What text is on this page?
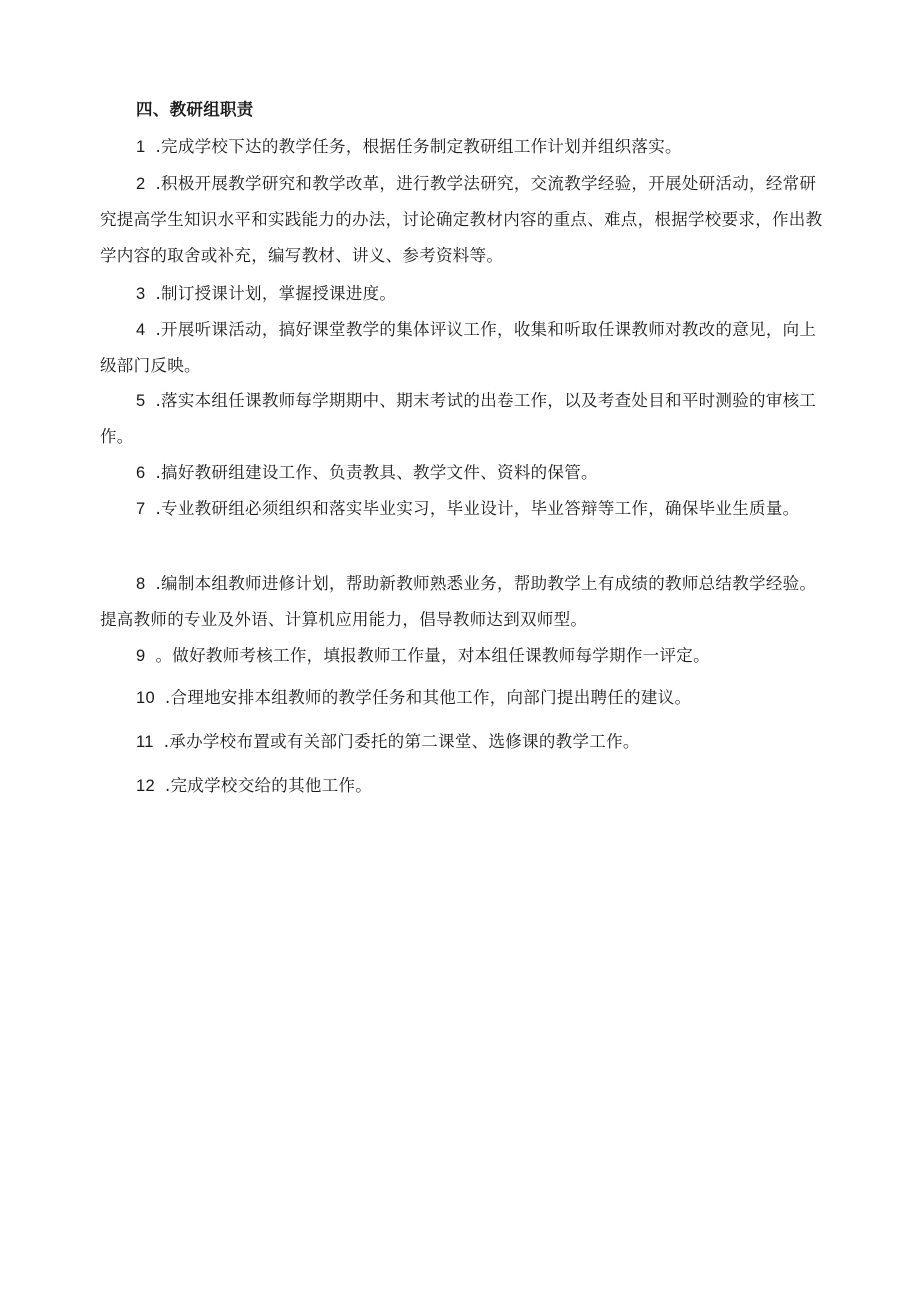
四、教研组职责
1 .完成学校下达的教学任务，根据任务制定教研组工作计划并组织落实。
2 .积极开展教学研究和教学改革，进行教学法研究，交流教学经验，开展处研活动，经常研究提高学生知识水平和实践能力的办法，讨论确定教材内容的重点、难点，根据学校要求，作出教学内容的取舍或补充，编写教材、讲义、参考资料等。
3 .制订授课计划，掌握授课进度。
4 .开展听课活动，搞好课堂教学的集体评议工作，收集和听取任课教师对教改的意见，向上级部门反映。
5 .落实本组任课教师每学期期中、期末考试的出卷工作，以及考查处目和平时测验的审核工作。
6 .搞好教研组建设工作、负责教具、教学文件、资料的保管。
7 .专业教研组必须组织和落实毕业实习，毕业设计，毕业答辩等工作，确保毕业生质量。
8 .编制本组教师进修计划，帮助新教师熟悉业务，帮助教学上有成绩的教师总结教学经验。提高教师的专业及外语、计算机应用能力，倡导教师达到双师型。
9 。做好教师考核工作，填报教师工作量，对本组任课教师每学期作一评定。
10 .合理地安排本组教师的教学任务和其他工作，向部门提出聘任的建议。
11 .承办学校布置或有关部门委托的第二课堂、选修课的教学工作。
12 .完成学校交给的其他工作。
